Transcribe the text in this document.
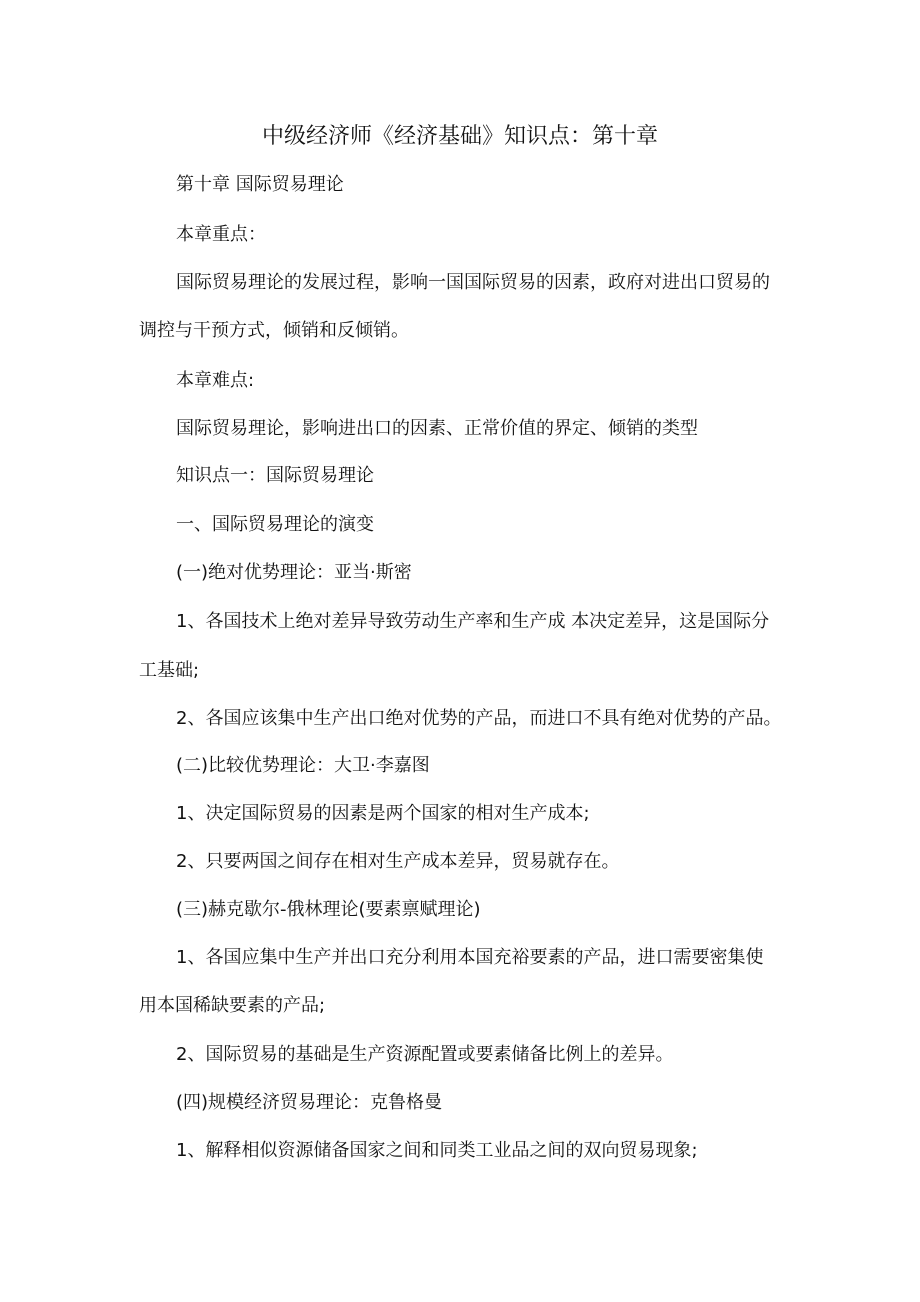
中级经济师《经济基础》知识点：第十章
第十章 国际贸易理论
本章重点：
国际贸易理论的发展过程，影响一国国际贸易的因素，政府对进出口贸易的
调控与干预方式，倾销和反倾销。
本章难点:
国际贸易理论，影响进出口的因素、正常价值的界定、倾销的类型
知识点一：国际贸易理论
一、国际贸易理论的演变
(一)绝对优势理论：亚当·斯密
1、各国技术上绝对差异导致劳动生产率和生产成 本决定差异，这是国际分
工基础;
2、各国应该集中生产出口绝对优势的产品，而进口不具有绝对优势的产品。
(二)比较优势理论：大卫·李嘉图
1、决定国际贸易的因素是两个国家的相对生产成本;
2、只要两国之间存在相对生产成本差异，贸易就存在。
(三)赫克歇尔-俄林理论(要素禀赋理论)
1、各国应集中生产并出口充分利用本国充裕要素的产品，进口需要密集使
用本国稀缺要素的产品;
2、国际贸易的基础是生产资源配置或要素储备比例上的差异。
(四)规模经济贸易理论：克鲁格曼
1、解释相似资源储备国家之间和同类工业品之间的双向贸易现象;
